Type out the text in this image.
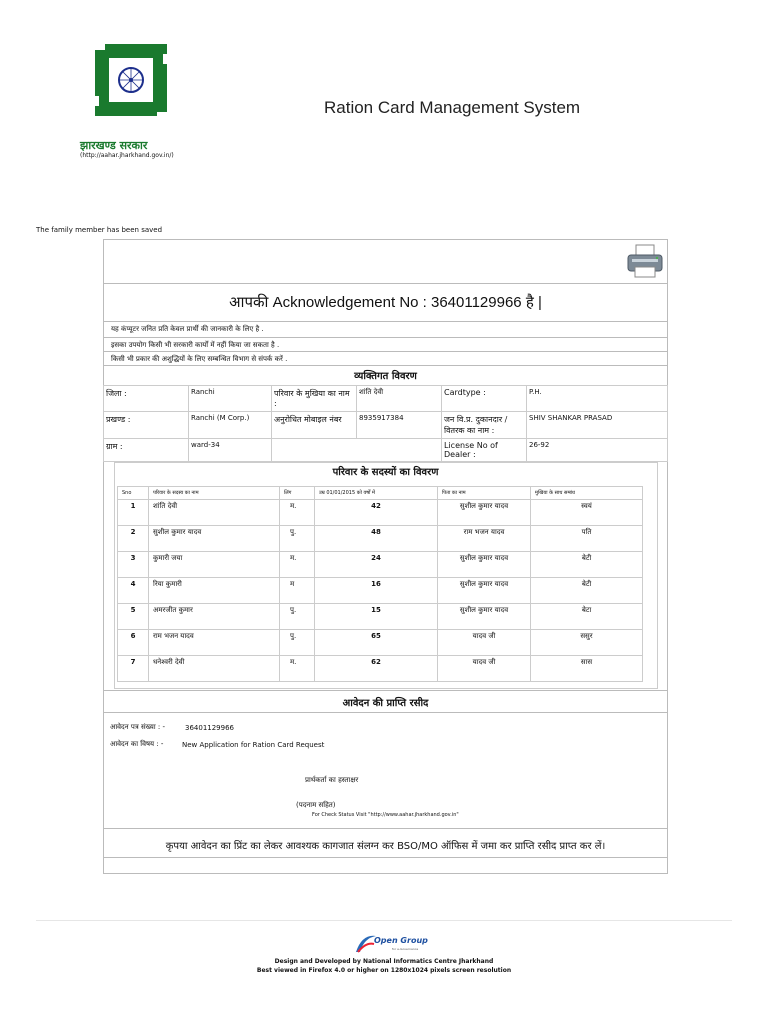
झारखण्ड सरकार
(http://aahar.jharkhand.gov.in/)
Ration Card Management System
The family member has been saved
आपकी Acknowledgement No : 36401129966 है |
यह कंप्यूटर जनित प्रति केवल प्रार्थी की जानकारी के लिए है .
इसका उपयोग किसी भी सरकारी कार्यों में नहीं किया जा सकता है .
किसी भी प्रकार की अशुद्धियों के लिए सम्बन्धित विभाग से संपर्क करें .
व्यक्तिगत विवरण
जिला :	Ranchi	परिवार के मुखिया का नाम :	शांति देवी	Cardtype :	P.H.
प्रखण्ड :	Ranchi (M Corp.)	अनुरोधित मोबाइल नंबर	8935917384	जन वि.प्र. दुकानदार / वितरक का नाम :	SHIV SHANKAR PRASAD
ग्राम :	ward-34			License No of Dealer :	26-92
परिवार के सदस्यों का विवरण
Sno	परिवार के सदस्य का नाम	लिंग	उम्र 01/01/2015 को वर्षों में	पिता का नाम	मुखिया के साथ सम्बंध
1	शांति देवी	म.	42	सुशील कुमार यादव	स्वयं
2	सुशील कुमार यादव	पु.	48	राम भजन यादव	पति
3	कुमारी जया	म.	24	सुशील कुमार यादव	बेटी
4	रिया कुमारी	म	16	सुशील कुमार यादव	बेटी
5	अमरजीत कुमार	पु.	15	सुशील कुमार यादव	बेटा
6	राम भजन यादव	पु.	65	यादव जी	ससुर
7	धनेश्वरी देवी	म.	62	यादव जी	सास
आवेदन की प्राप्ति रसीद
आवेदन पत्र संख्या : -	36401129966
आवेदन का विषय : -	New Application for Ration Card Request
प्रार्थकर्ता का हस्ताक्षर
(पदनाम सहित)
For Check Status Visit "http://www.aahar.jharkhand.gov.in"
कृपया आवेदन का प्रिंट का लेकर आवश्यक कागजात संलग्न कर BSO/MO ऑफिस में जमा कर प्राप्ति रसीद प्राप्त कर लें।
Open Group
for e-Governance
Design and Developed by National Informatics Centre Jharkhand
Best viewed in Firefox 4.0 or higher on 1280x1024 pixels screen resolution
